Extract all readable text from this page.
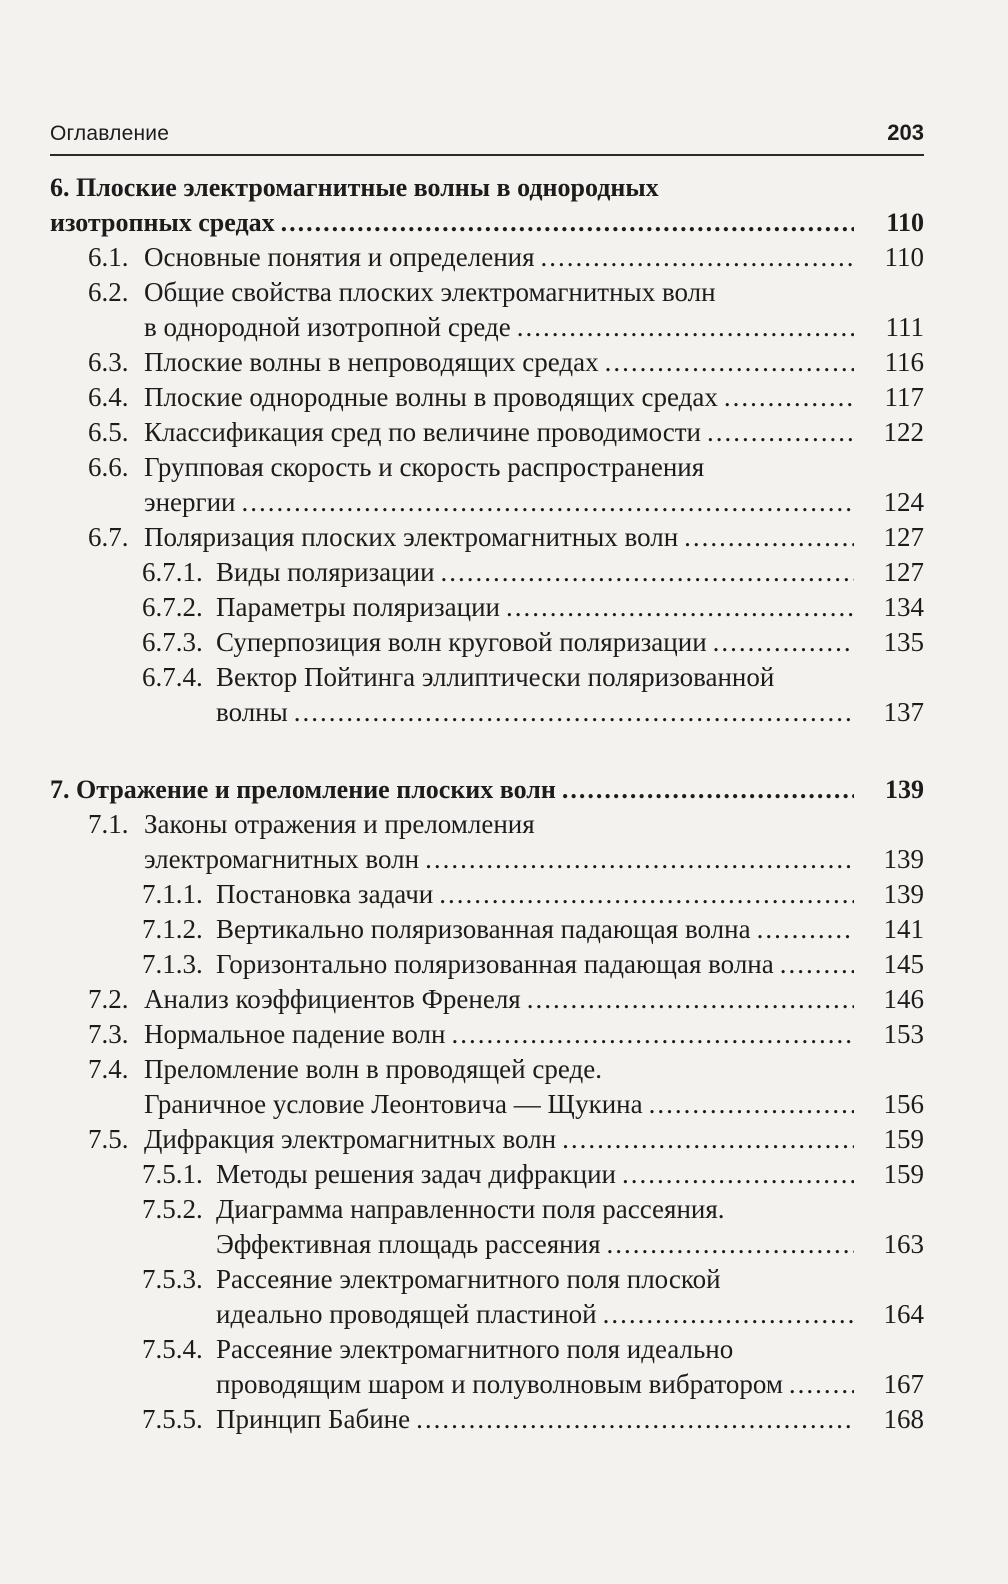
Оглавление	203
6. Плоские электромагнитные волны в однородных
изотропных средах .....	110
6.1. Основные понятия и определения .....	110
6.2. Общие свойства плоских электромагнитных волн
в однородной изотропной среде .....	111
6.3. Плоские волны в непроводящих средах .....	116
6.4. Плоские однородные волны в проводящих средах .....	117
6.5. Классификация сред по величине проводимости .....	122
6.6. Групповая скорость и скорость распространения
энергии .....	124
6.7. Поляризация плоских электромагнитных волн .....	127
6.7.1. Виды поляризации .....	127
6.7.2. Параметры поляризации .....	134
6.7.3. Суперпозиция волн круговой поляризации .....	135
6.7.4. Вектор Пойтинга эллиптически поляризованной
волны .....	137
7. Отражение и преломление плоских волн .....	139
7.1. Законы отражения и преломления
электромагнитных волн .....	139
7.1.1. Постановка задачи .....	139
7.1.2. Вертикально поляризованная падающая волна .....	141
7.1.3. Горизонтально поляризованная падающая волна .....	145
7.2. Анализ коэффициентов Френеля .....	146
7.3. Нормальное падение волн .....	153
7.4. Преломление волн в проводящей среде.
Граничное условие Леонтовича — Щукина .....	156
7.5. Дифракция электромагнитных волн .....	159
7.5.1. Методы решения задач дифракции .....	159
7.5.2. Диаграмма направленности поля рассеяния.
Эффективная площадь рассеяния .....	163
7.5.3. Рассеяние электромагнитного поля плоской
идеально проводящей пластиной .....	164
7.5.4. Рассеяние электромагнитного поля идеально
проводящим шаром и полуволновым вибратором .....	167
7.5.5. Принцип Бабине .....	168
